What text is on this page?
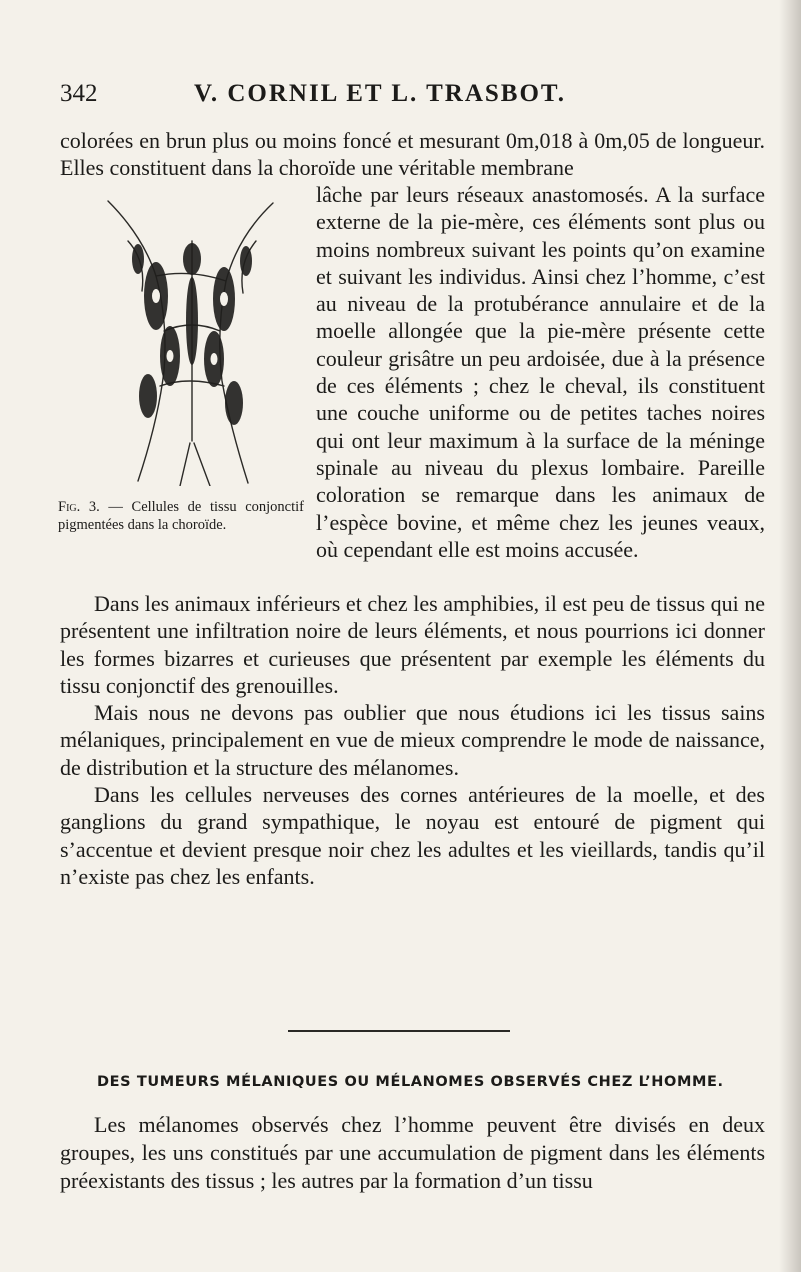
342	V. CORNIL ET L. TRASBOT.

colorées en brun plus ou moins foncé et mesurant 0m,018 à 0m,05 de longueur. Elles constituent dans la choroïde une véritable membrane

Fig. 3. — Cellules de tissu conjonctif pigmentées dans la choroïde.

lâche par leurs réseaux anastomosés. A la surface externe de la pie-mère, ces éléments sont plus ou moins nombreux suivant les points qu’on examine et suivant les individus. Ainsi chez l’homme, c’est au niveau de la protubérance annulaire et de la moelle allongée que la pie-mère présente cette couleur grisâtre un peu ardoisée, due à la présence de ces éléments ; chez le cheval, ils constituent une couche uniforme ou de petites taches noires qui ont leur maximum à la surface de la méninge spinale au niveau du plexus lombaire. Pareille coloration se remarque dans les animaux de l’espèce bovine, et même chez les jeunes veaux, où cependant elle est moins accusée.

Dans les animaux inférieurs et chez les amphibies, il est peu de tissus qui ne présentent une infiltration noire de leurs éléments, et nous pourrions ici donner les formes bizarres et curieuses que présentent par exemple les éléments du tissu conjonctif des grenouilles.

Mais nous ne devons pas oublier que nous étudions ici les tissus sains mélaniques, principalement en vue de mieux comprendre le mode de naissance, de distribution et la structure des mélanomes.

Dans les cellules nerveuses des cornes antérieures de la moelle, et des ganglions du grand sympathique, le noyau est entouré de pigment qui s’accentue et devient presque noir chez les adultes et les vieillards, tandis qu’il n’existe pas chez les enfants.

DES TUMEURS MÉLANIQUES OU MÉLANOMES OBSERVÉS CHEZ L’HOMME.

Les mélanomes observés chez l’homme peuvent être divisés en deux groupes, les uns constitués par une accumulation de pigment dans les éléments préexistants des tissus ; les autres par la formation d’un tissu
